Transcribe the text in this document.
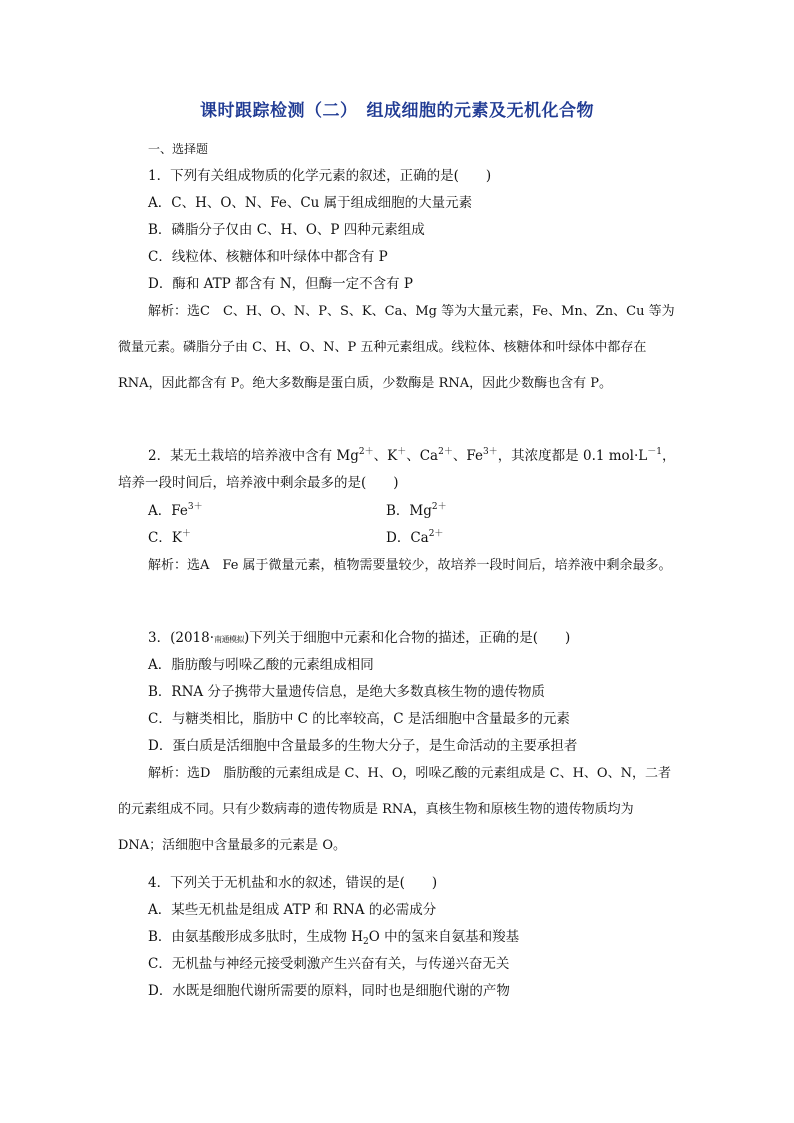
课时跟踪检测（二）　组成细胞的元素及无机化合物
一、选择题
1．下列有关组成物质的化学元素的叙述，正确的是(　　)
A．C、H、O、N、Fe、Cu 属于组成细胞的大量元素
B．磷脂分子仅由 C、H、O、P 四种元素组成
C．线粒体、核糖体和叶绿体中都含有 P
D．酶和 ATP 都含有 N，但酶一定不含有 P
解析：选C　C、H、O、N、P、S、K、Ca、Mg 等为大量元素，Fe、Mn、Zn、Cu 等为微量元素。磷脂分子由 C、H、O、N、P 五种元素组成。线粒体、核糖体和叶绿体中都存在 RNA，因此都含有 P。绝大多数酶是蛋白质，少数酶是 RNA，因此少数酶也含有 P。
2．某无土栽培的培养液中含有 $Mg^{2+}$、K＋、$Ca^{2+}$、$Fe^{3+}$，其浓度都是 0.1 $mol\cdot L^{-1}$，
培养一段时间后，培养液中剩余最多的是(　　)
A．$Fe^{3+}$	B．$Mg^{2+}$
C．K＋	D．$Ca^{2+}$
解析：选A　Fe 属于微量元素，植物需要量较少，故培养一段时间后，培养液中剩余最多。
3．(2018·南通模拟)下列关于细胞中元素和化合物的描述，正确的是(　　)
A．脂肪酸与吲哚乙酸的元素组成相同
B．RNA 分子携带大量遗传信息，是绝大多数真核生物的遗传物质
C．与糖类相比，脂肪中 C 的比率较高，C 是活细胞中含量最多的元素
D．蛋白质是活细胞中含量最多的生物大分子，是生命活动的主要承担者
解析：选D　脂肪酸的元素组成是 C、H、O，吲哚乙酸的元素组成是 C、H、O、N，二者的元素组成不同。只有少数病毒的遗传物质是 RNA，真核生物和原核生物的遗传物质均为 DNA；活细胞中含量最多的元素是 O。
4．下列关于无机盐和水的叙述，错误的是(　　)
A．某些无机盐是组成 ATP 和 RNA 的必需成分
B．由氨基酸形成多肽时，生成物 $H_2O$ 中的氢来自氨基和羧基
C．无机盐与神经元接受刺激产生兴奋有关，与传递兴奋无关
D．水既是细胞代谢所需要的原料，同时也是细胞代谢的产物
